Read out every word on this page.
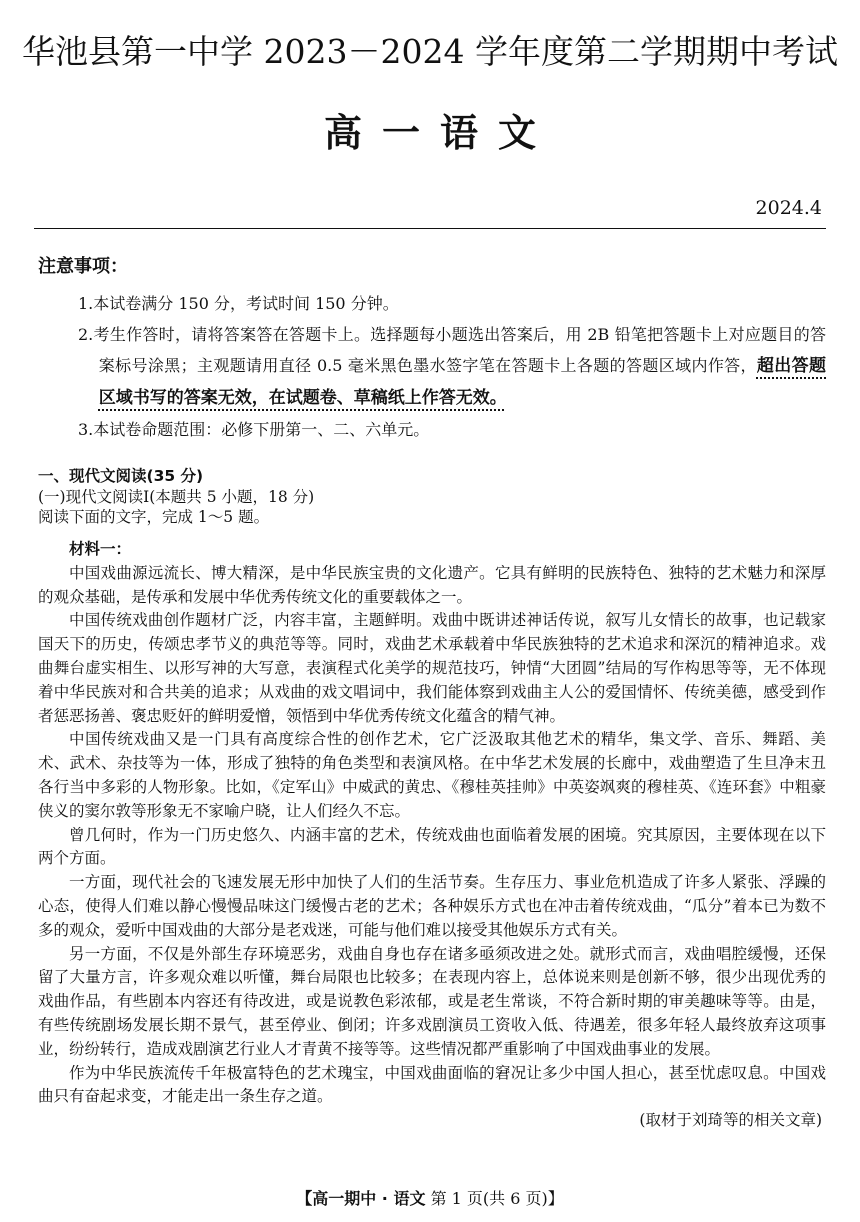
华池县第一中学 2023－2024 学年度第二学期期中考试
高一语文
2024.4
注意事项：

1.本试卷满分 150 分，考试时间 150 分钟。

2.考生作答时，请将答案答在答题卡上。选择题每小题选出答案后，用 2B 铅笔把答题卡上对应题目的答案标号涂黑；主观题请用直径 0.5 毫米黑色墨水签字笔在答题卡上各题的答题区域内作答，超出答题区域书写的答案无效，在试题卷、草稿纸上作答无效。

3.本试卷命题范围：必修下册第一、二、六单元。

一、现代文阅读(35 分)
(一)现代文阅读Ⅰ(本题共 5 小题，18 分)
阅读下面的文字，完成 1～5 题。
材料一：

中国戏曲源远流长、博大精深，是中华民族宝贵的文化遗产。它具有鲜明的民族特色、独特的艺术魅力和深厚的观众基础，是传承和发展中华优秀传统文化的重要载体之一。

中国传统戏曲创作题材广泛，内容丰富，主题鲜明。戏曲中既讲述神话传说，叙写儿女情长的故事，也记载家国天下的历史，传颂忠孝节义的典范等等。同时，戏曲艺术承载着中华民族独特的艺术追求和深沉的精神追求。戏曲舞台虚实相生、以形写神的大写意，表演程式化美学的规范技巧，钟情“大团圆”结局的写作构思等等，无不体现着中华民族对和合共美的追求；从戏曲的戏文唱词中，我们能体察到戏曲主人公的爱国情怀、传统美德，感受到作者惩恶扬善、褒忠贬奸的鲜明爱憎，领悟到中华优秀传统文化蕴含的精气神。

中国传统戏曲又是一门具有高度综合性的创作艺术，它广泛汲取其他艺术的精华，集文学、音乐、舞蹈、美术、武术、杂技等为一体，形成了独特的角色类型和表演风格。在中华艺术发展的长廊中，戏曲塑造了生旦净末丑各行当中多彩的人物形象。比如，《定军山》中威武的黄忠、《穆桂英挂帅》中英姿飒爽的穆桂英、《连环套》中粗豪侠义的窦尔敦等形象无不家喻户晓，让人们经久不忘。

曾几何时，作为一门历史悠久、内涵丰富的艺术，传统戏曲也面临着发展的困境。究其原因，主要体现在以下两个方面。

一方面，现代社会的飞速发展无形中加快了人们的生活节奏。生存压力、事业危机造成了许多人紧张、浮躁的心态，使得人们难以静心慢慢品味这门缓慢古老的艺术；各种娱乐方式也在冲击着传统戏曲，“瓜分”着本已为数不多的观众，爱听中国戏曲的大部分是老戏迷，可能与他们难以接受其他娱乐方式有关。

另一方面，不仅是外部生存环境恶劣，戏曲自身也存在诸多亟须改进之处。就形式而言，戏曲唱腔缓慢，还保留了大量方言，许多观众难以听懂，舞台局限也比较多；在表现内容上，总体说来则是创新不够，很少出现优秀的戏曲作品，有些剧本内容还有待改进，或是说教色彩浓郁，或是老生常谈，不符合新时期的审美趣味等等。由是，有些传统剧场发展长期不景气，甚至停业、倒闭；许多戏剧演员工资收入低、待遇差，很多年轻人最终放弃这项事业，纷纷转行，造成戏剧演艺行业人才青黄不接等等。这些情况都严重影响了中国戏曲事业的发展。

作为中华民族流传千年极富特色的艺术瑰宝，中国戏曲面临的窘况让多少中国人担心，甚至忧虑叹息。中国戏曲只有奋起求变，才能走出一条生存之道。

(取材于刘琦等的相关文章)

【高一期中 · 语文 第 1 页(共 6 页)】
